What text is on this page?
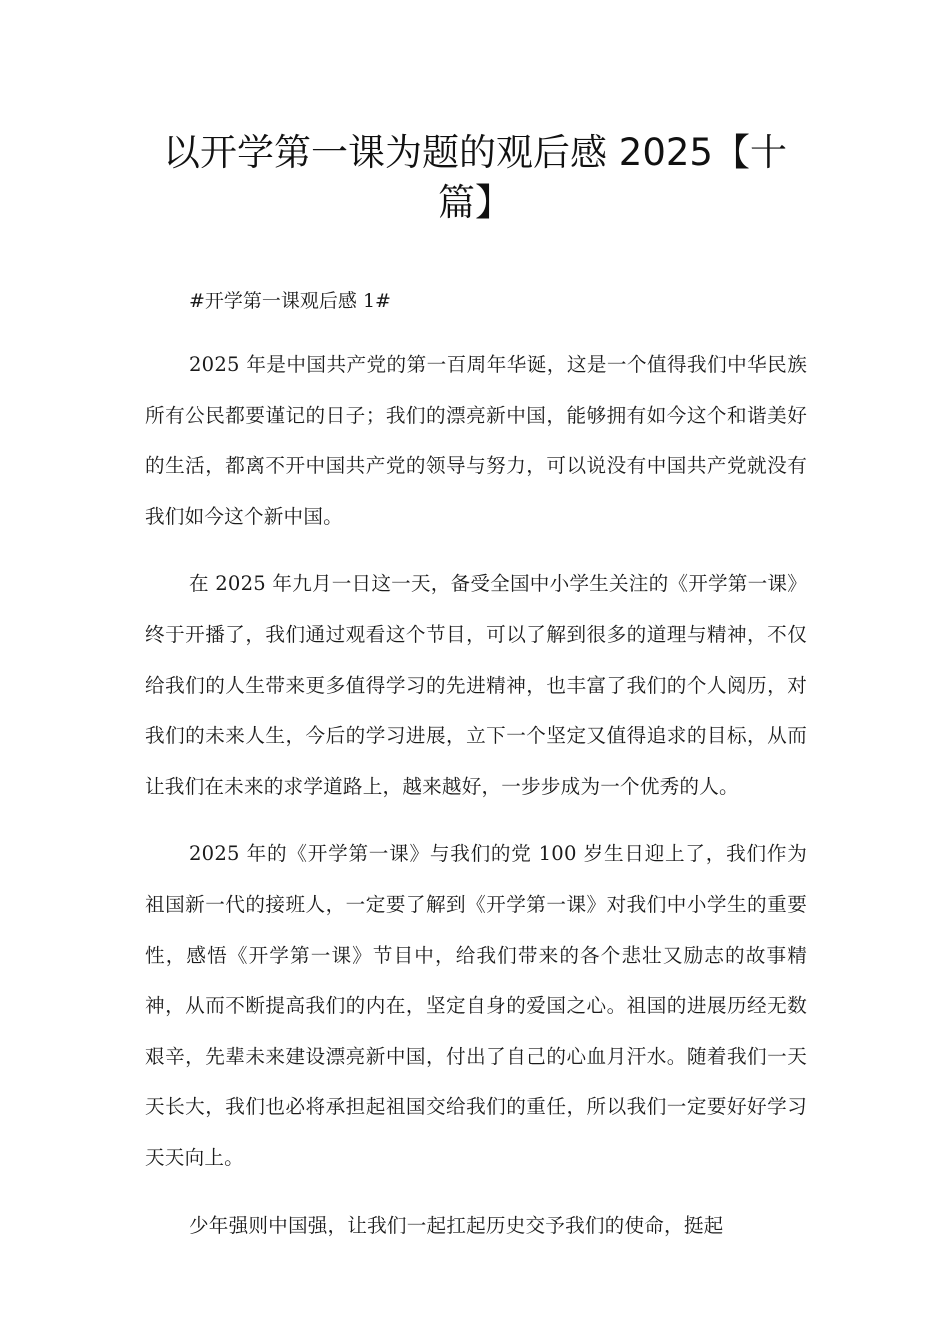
以开学第一课为题的观后感 2025【十
篇】

#开学第一课观后感 1#

2025 年是中国共产党的第一百周年华诞，这是一个值得我们中华民族所有公民都要谨记的日子；我们的漂亮新中国，能够拥有如今这个和谐美好的生活，都离不开中国共产党的领导与努力，可以说没有中国共产党就没有我们如今这个新中国。

在 2025 年九月一日这一天，备受全国中小学生关注的《开学第一课》终于开播了，我们通过观看这个节目，可以了解到很多的道理与精神，不仅给我们的人生带来更多值得学习的先进精神，也丰富了我们的个人阅历，对我们的未来人生，今后的学习进展，立下一个坚定又值得追求的目标，从而让我们在未来的求学道路上，越来越好，一步步成为一个优秀的人。

2025 年的《开学第一课》与我们的党 100 岁生日迎上了，我们作为祖国新一代的接班人，一定要了解到《开学第一课》对我们中小学生的重要性，感悟《开学第一课》节目中，给我们带来的各个悲壮又励志的故事精神，从而不断提高我们的内在，坚定自身的爱国之心。祖国的进展历经无数艰辛，先辈未来建设漂亮新中国，付出了自己的心血月汗水。随着我们一天天长大，我们也必将承担起祖国交给我们的重任，所以我们一定要好好学习天天向上。

少年强则中国强，让我们一起扛起历史交予我们的使命，挺起
